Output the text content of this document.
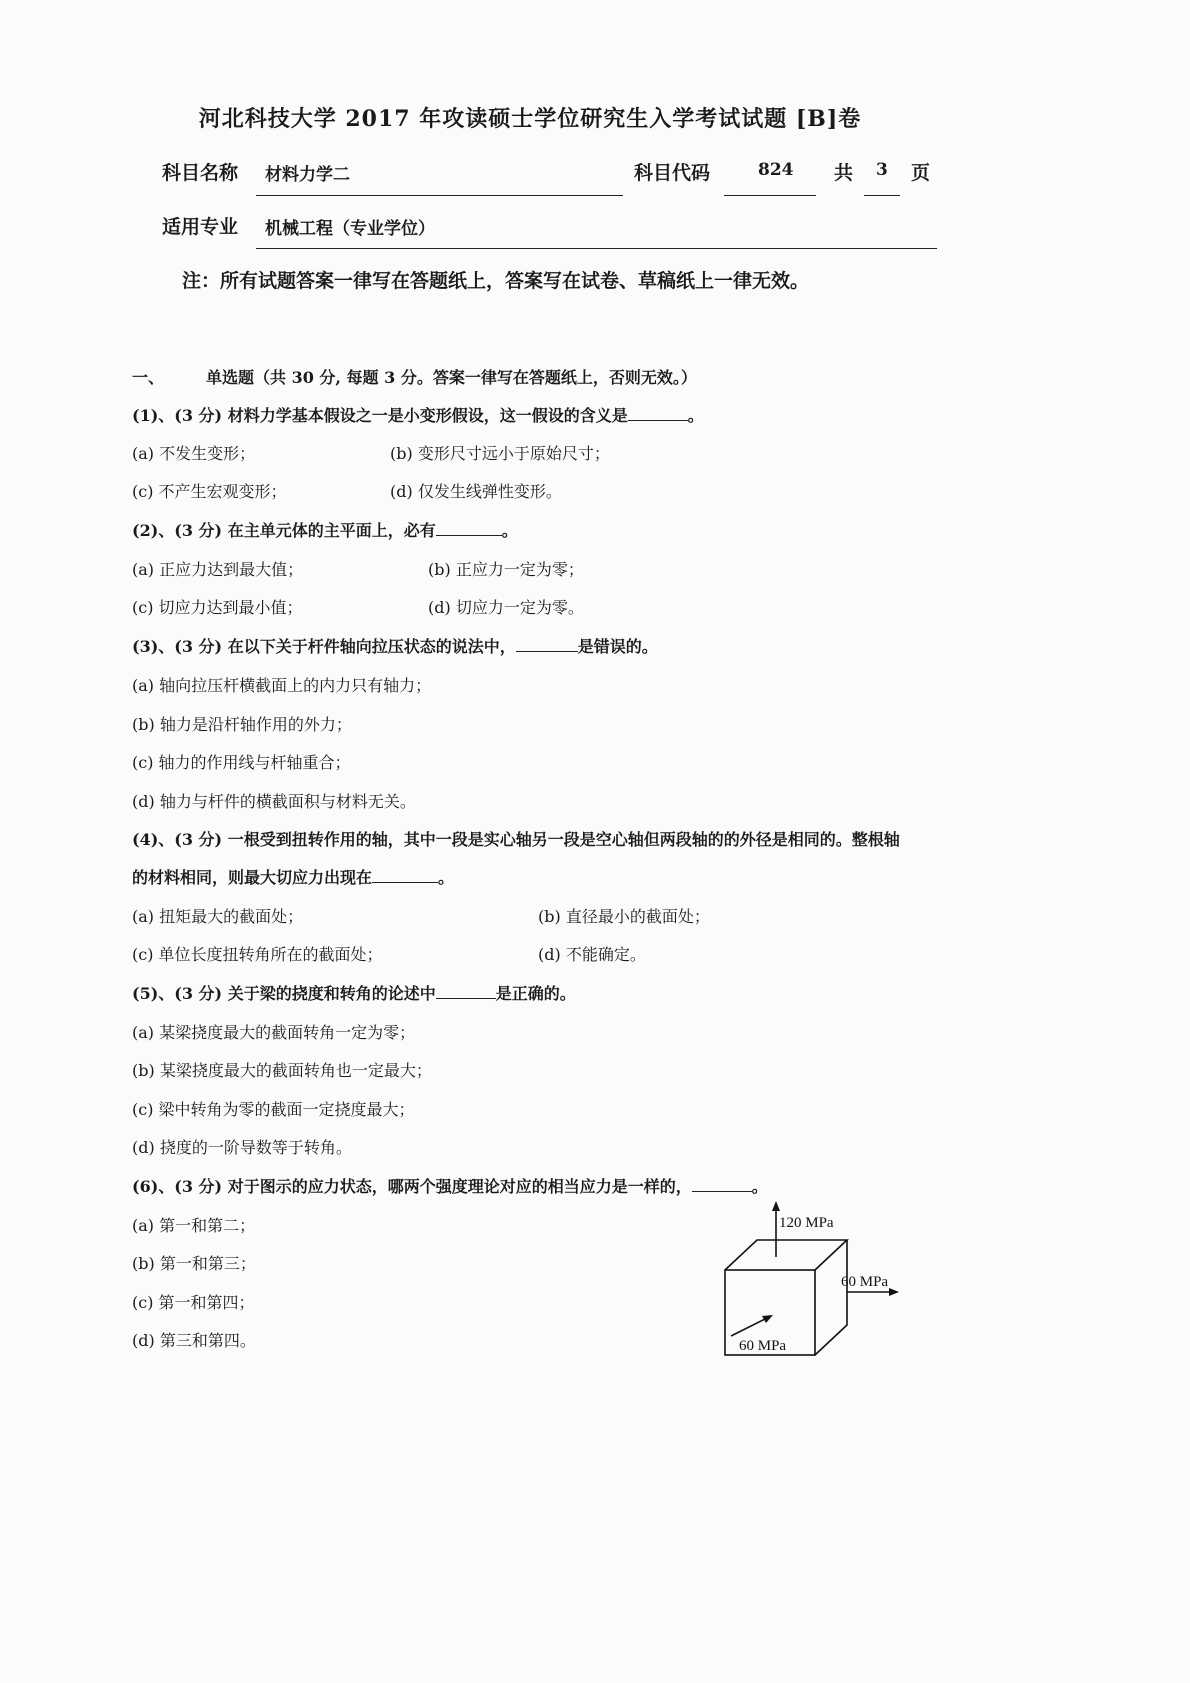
河北科技大学 2017 年攻读硕士学位研究生入学考试试题 [B]卷
科目名称 材料力学二	科目代码	824 共 3 页
适用专业 机械工程（专业学位）
注：所有试题答案一律写在答题纸上，答案写在试卷、草稿纸上一律无效。
一、	单选题（共 30 分, 每题 3 分。答案一律写在答题纸上，否则无效。）
(1)、(3 分) 材料力学基本假设之一是小变形假设，这一假设的含义是	。
(a) 不发生变形；	(b) 变形尺寸远小于原始尺寸；
(c) 不产生宏观变形；	(d) 仅发生线弹性变形。
(2)、(3 分) 在主单元体的主平面上，必有	。
(a) 正应力达到最大值；	(b) 正应力一定为零；
(c) 切应力达到最小值；	(d) 切应力一定为零。
(3)、(3 分) 在以下关于杆件轴向拉压状态的说法中，	是错误的。
(a) 轴向拉压杆横截面上的内力只有轴力；
(b) 轴力是沿杆轴作用的外力；
(c) 轴力的作用线与杆轴重合；
(d) 轴力与杆件的横截面积与材料无关。
(4)、(3 分) 一根受到扭转作用的轴，其中一段是实心轴另一段是空心轴但两段轴的的外径是相同的。整根轴
的材料相同，则最大切应力出现在	。
(a) 扭矩最大的截面处；	(b) 直径最小的截面处；
(c) 单位长度扭转角所在的截面处；	(d) 不能确定。
(5)、(3 分) 关于梁的挠度和转角的论述中	是正确的。
(a) 某梁挠度最大的截面转角一定为零；
(b) 某梁挠度最大的截面转角也一定最大；
(c) 梁中转角为零的截面一定挠度最大；
(d) 挠度的一阶导数等于转角。
(6)、(3 分) 对于图示的应力状态，哪两个强度理论对应的相当应力是一样的，	。
(a) 第一和第二；
(b) 第一和第三；
(c) 第一和第四；
(d) 第三和第四。
120 MPa
60 MPa
60 MPa
